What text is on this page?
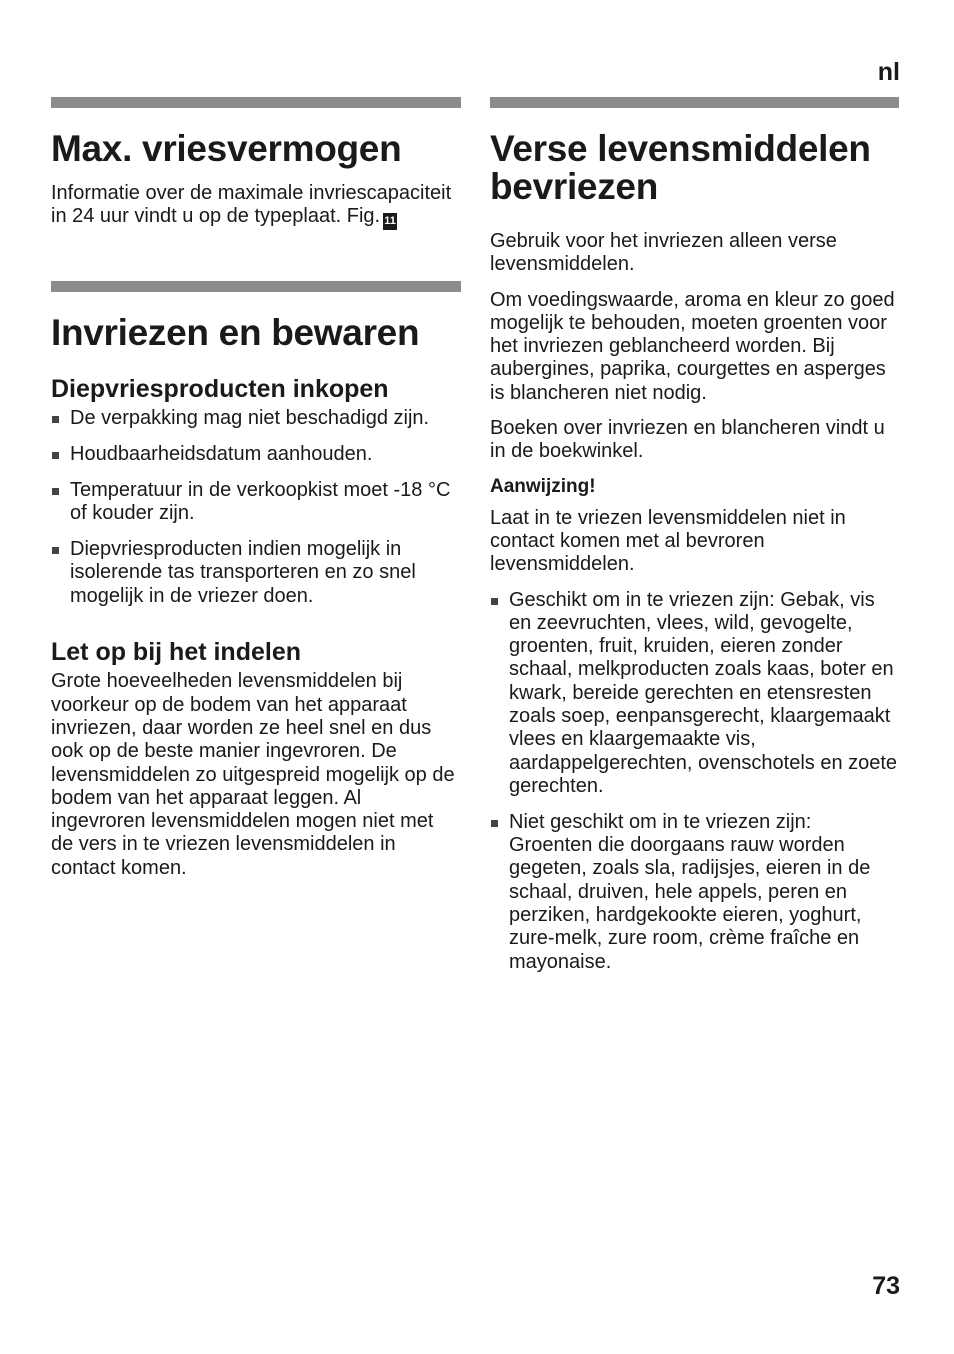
nl
Max. vriesvermogen

Informatie over de maximale invriescapaciteit in 24 uur vindt u op de typeplaat. Fig. 11

Invriezen en bewaren
Diepvriesproducten inkopen
De verpakking mag niet beschadigd zijn.
Houdbaarheidsdatum aanhouden.
Temperatuur in de verkoopkist moet -18 °C of kouder zijn.
Diepvriesproducten indien mogelijk in isolerende tas transporteren en zo snel mogelijk in de vriezer doen.
Let op bij het indelen

Grote hoeveelheden levensmiddelen bij voorkeur op de bodem van het apparaat invriezen, daar worden ze heel snel en dus ook op de beste manier ingevroren. De levensmiddelen zo uitgespreid mogelijk op de bodem van het apparaat leggen. Al ingevroren levensmiddelen mogen niet met de vers in te vriezen levensmiddelen in contact komen.

Verse levensmiddelen bevriezen

Gebruik voor het invriezen alleen verse levensmiddelen.

Om voedingswaarde, aroma en kleur zo goed mogelijk te behouden, moeten groenten voor het invriezen geblancheerd worden. Bij aubergines, paprika, courgettes en asperges is blancheren niet nodig.

Boeken over invriezen en blancheren vindt u in de boekwinkel.

Aanwijzing!

Laat in te vriezen levensmiddelen niet in contact komen met al bevroren levensmiddelen.

Geschikt om in te vriezen zijn: Gebak, vis en zeevruchten, vlees, wild, gevogelte, groenten, fruit, kruiden, eieren zonder schaal, melkproducten zoals kaas, boter en kwark, bereide gerechten en etensresten zoals soep, eenpansgerecht, klaargemaakt vlees en klaargemaakte vis, aardappelgerechten, ovenschotels en zoete gerechten.
Niet geschikt om in te vriezen zijn: Groenten die doorgaans rauw worden gegeten, zoals sla, radijsjes, eieren in de schaal, druiven, hele appels, peren en perziken, hardgekookte eieren, yoghurt, zure-melk, zure room, crème fraîche en mayonaise.
73
